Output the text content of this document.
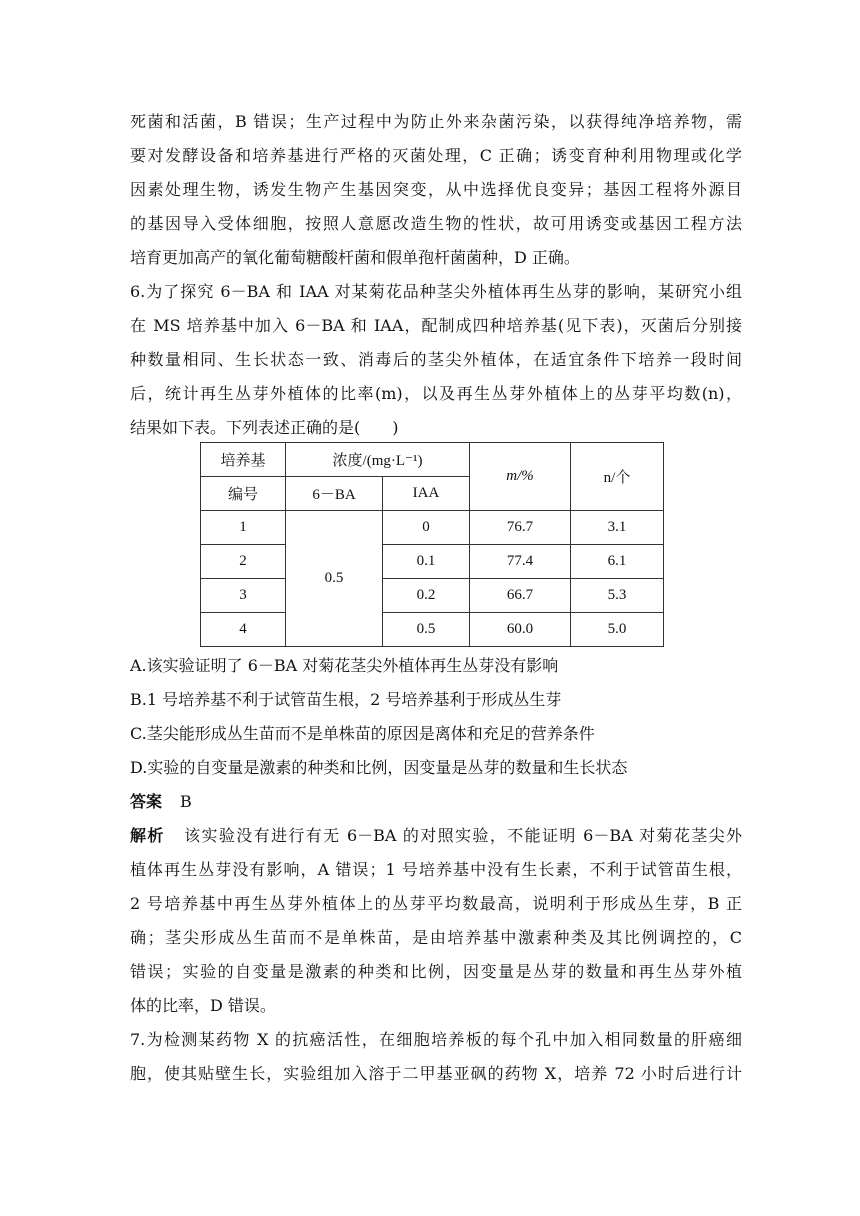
死菌和活菌，B 错误；生产过程中为防止外来杂菌污染，以获得纯净培养物，需
要对发酵设备和培养基进行严格的灭菌处理，C 正确；诱变育种利用物理或化学
因素处理生物，诱发生物产生基因突变，从中选择优良变异；基因工程将外源目
的基因导入受体细胞，按照人意愿改造生物的性状，故可用诱变或基因工程方法
培育更加高产的氧化葡萄糖酸杆菌和假单孢杆菌菌种，D 正确。
6.为了探究 6－BA 和 IAA 对某菊花品种茎尖外植体再生丛芽的影响，某研究小组
在 MS 培养基中加入 6－BA 和 IAA，配制成四种培养基(见下表)，灭菌后分别接
种数量相同、生长状态一致、消毒后的茎尖外植体，在适宜条件下培养一段时间
后，统计再生丛芽外植体的比率(m)，以及再生丛芽外植体上的丛芽平均数(n)，
结果如下表。下列表述正确的是(　　)
培养基	浓度/(mg·L⁻¹)		m/%	n/个
编号	6－BA	IAA		
1	0.5	0	76.7	3.1
2		0.1	77.4	6.1
3		0.2	66.7	5.3
4		0.5	60.0	5.0
A.该实验证明了 6－BA 对菊花茎尖外植体再生丛芽没有影响
B.1 号培养基不利于试管苗生根，2 号培养基利于形成丛生芽
C.茎尖能形成丛生苗而不是单株苗的原因是离体和充足的营养条件
D.实验的自变量是激素的种类和比例，因变量是丛芽的数量和生长状态
答案 B
解析 该实验没有进行有无 6－BA 的对照实验，不能证明 6－BA 对菊花茎尖外
植体再生丛芽没有影响，A 错误；1 号培养基中没有生长素，不利于试管苗生根，
2 号培养基中再生丛芽外植体上的丛芽平均数最高，说明利于形成丛生芽，B 正
确；茎尖形成丛生苗而不是单株苗，是由培养基中激素种类及其比例调控的，C
错误；实验的自变量是激素的种类和比例，因变量是丛芽的数量和再生丛芽外植
体的比率，D 错误。
7.为检测某药物 X 的抗癌活性，在细胞培养板的每个孔中加入相同数量的肝癌细
胞，使其贴壁生长，实验组加入溶于二甲基亚砜的药物 X，培养 72 小时后进行计
